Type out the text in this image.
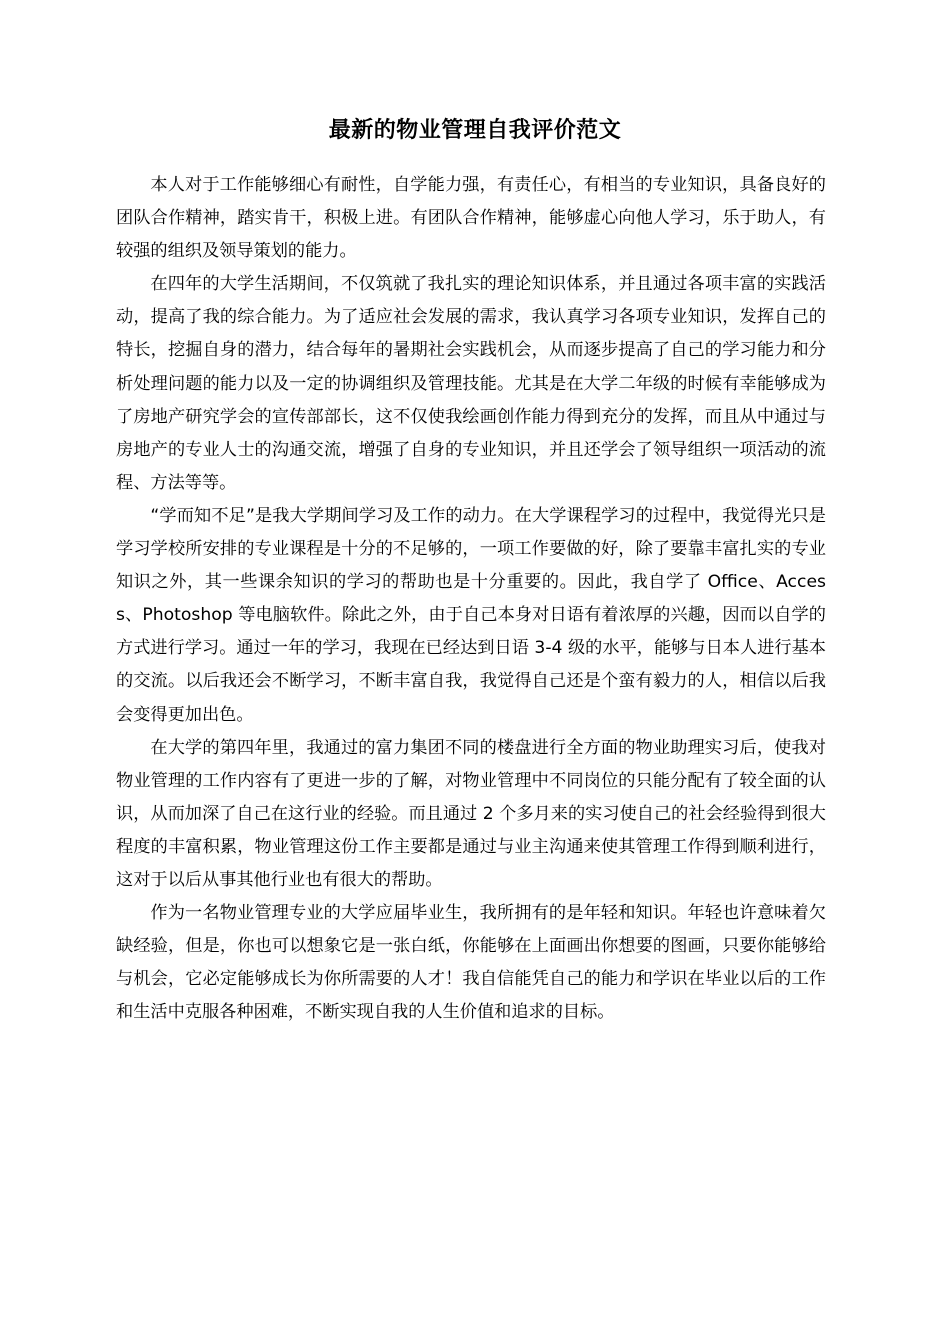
最新的物业管理自我评价范文

本人对于工作能够细心有耐性，自学能力强，有责任心，有相当的专业知识，具备良好的团队合作精神，踏实肯干，积极上进。有团队合作精神，能够虚心向他人学习，乐于助人，有较强的组织及领导策划的能力。

在四年的大学生活期间，不仅筑就了我扎实的理论知识体系，并且通过各项丰富的实践活动，提高了我的综合能力。为了适应社会发展的需求，我认真学习各项专业知识，发挥自己的特长，挖掘自身的潜力，结合每年的暑期社会实践机会，从而逐步提高了自己的学习能力和分析处理问题的能力以及一定的协调组织及管理技能。尤其是在大学二年级的时候有幸能够成为了房地产研究学会的宣传部部长，这不仅使我绘画创作能力得到充分的发挥，而且从中通过与房地产的专业人士的沟通交流，增强了自身的专业知识，并且还学会了领导组织一项活动的流程、方法等等。

“学而知不足”是我大学期间学习及工作的动力。在大学课程学习的过程中，我觉得光只是学习学校所安排的专业课程是十分的不足够的，一项工作要做的好，除了要靠丰富扎实的专业知识之外，其一些课余知识的学习的帮助也是十分重要的。因此，我自学了 Office、Access、Photoshop 等电脑软件。除此之外，由于自己本身对日语有着浓厚的兴趣，因而以自学的方式进行学习。通过一年的学习，我现在已经达到日语 3-4 级的水平，能够与日本人进行基本的交流。以后我还会不断学习，不断丰富自我，我觉得自己还是个蛮有毅力的人，相信以后我会变得更加出色。

在大学的第四年里，我通过的富力集团不同的楼盘进行全方面的物业助理实习后，使我对物业管理的工作内容有了更进一步的了解，对物业管理中不同岗位的只能分配有了较全面的认识，从而加深了自己在这行业的经验。而且通过 2 个多月来的实习使自己的社会经验得到很大程度的丰富积累，物业管理这份工作主要都是通过与业主沟通来使其管理工作得到顺利进行，这对于以后从事其他行业也有很大的帮助。

作为一名物业管理专业的大学应届毕业生，我所拥有的是年轻和知识。年轻也许意味着欠缺经验，但是，你也可以想象它是一张白纸，你能够在上面画出你想要的图画，只要你能够给与机会，它必定能够成长为你所需要的人才！我自信能凭自己的能力和学识在毕业以后的工作和生活中克服各种困难，不断实现自我的人生价值和追求的目标。
